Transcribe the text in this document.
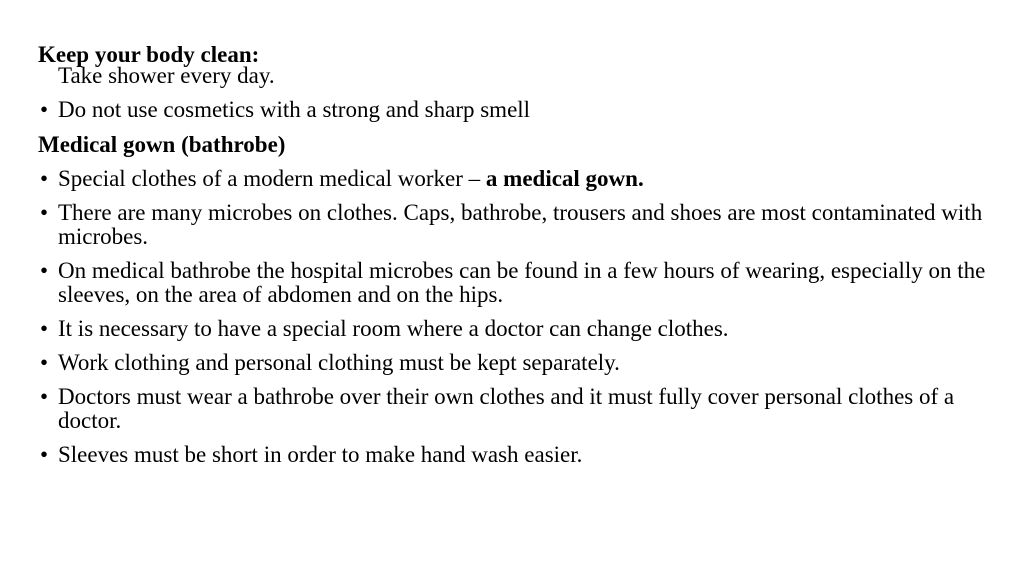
Keep your body clean:
Take shower every day.
• Do not use cosmetics with a strong and sharp smell
Medical gown (bathrobe)
• Special clothes of a modern medical worker – a medical gown.
• There are many microbes on clothes. Caps, bathrobe, trousers and shoes are most contaminated with microbes.
• On medical bathrobe the hospital microbes can be found in a few hours of wearing, especially on the sleeves, on the area of abdomen and on the hips.
• It is necessary to have a special room where a doctor can change clothes.
• Work clothing and personal clothing must be kept separately.
• Doctors must wear a bathrobe over their own clothes and it must fully cover personal clothes of a doctor.
• Sleeves must be short in order to make hand wash easier.
